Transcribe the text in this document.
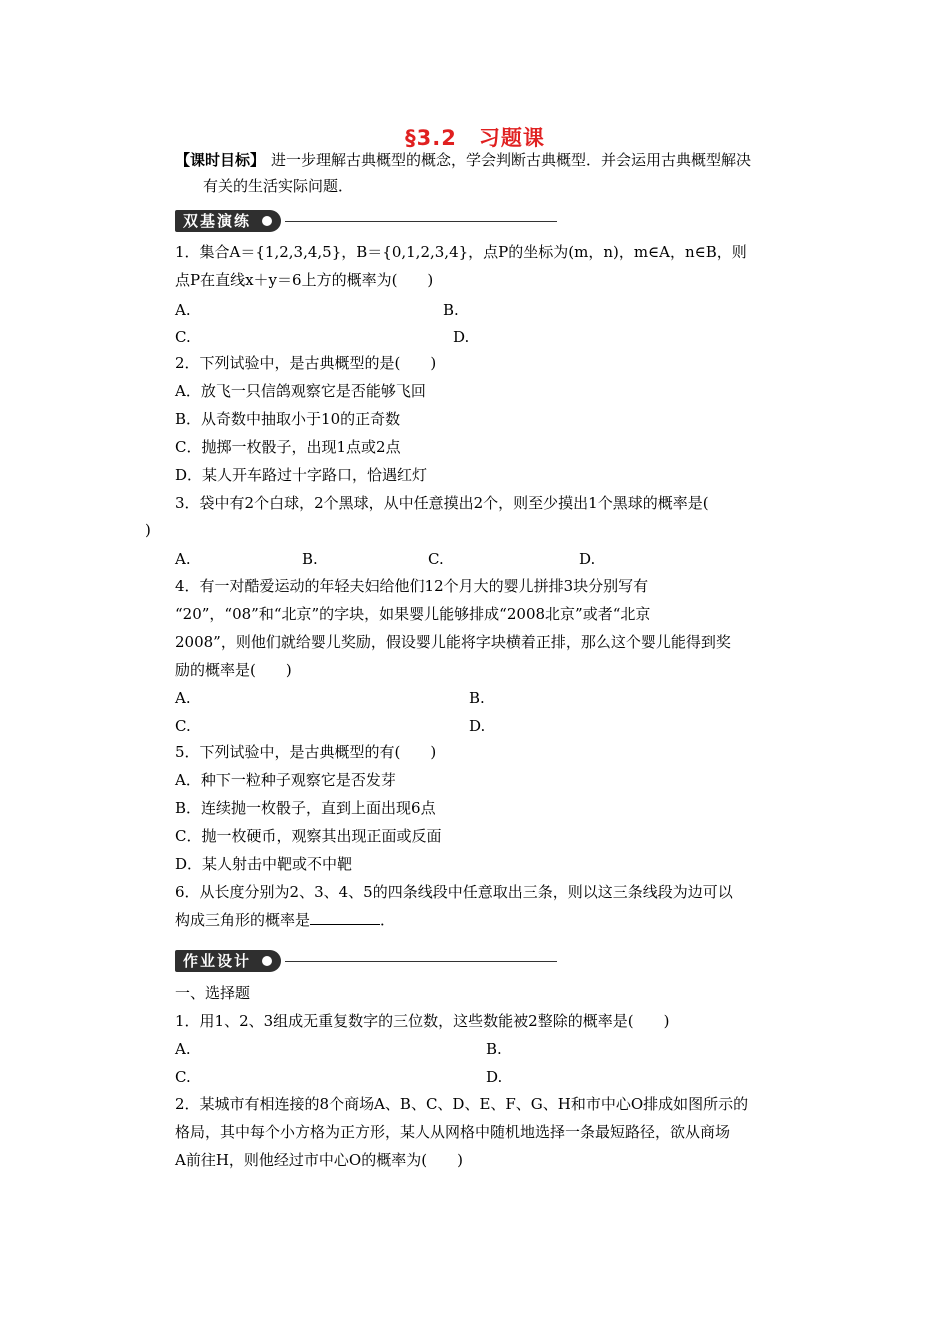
§3.2　习题课
【课时目标】 进一步理解古典概型的概念，学会判断古典概型．并会运用古典概型解决
有关的生活实际问题．
双基演练
1．集合A＝{1,2,3,4,5}，B＝{0,1,2,3,4}，点P的坐标为(m，n)，m∈A，n∈B，则
点P在直线x＋y＝6上方的概率为(　　)
A.	B.
C.	D.
2．下列试验中，是古典概型的是(　　)
A．放飞一只信鸽观察它是否能够飞回
B．从奇数中抽取小于10的正奇数
C．抛掷一枚骰子，出现1点或2点
D．某人开车路过十字路口，恰遇红灯
3．袋中有2个白球，2个黑球，从中任意摸出2个，则至少摸出1个黑球的概率是(
)
A.	B.	C.	D.
4．有一对酷爱运动的年轻夫妇给他们12个月大的婴儿拼排3块分别写有
“20”，“08”和“北京”的字块，如果婴儿能够排成“2008北京”或者“北京
2008”，则他们就给婴儿奖励，假设婴儿能将字块横着正排，那么这个婴儿能得到奖
励的概率是(　　)
A.	B.
C.	D.
5．下列试验中，是古典概型的有(　　)
A．种下一粒种子观察它是否发芽
B．连续抛一枚骰子，直到上面出现6点
C．抛一枚硬币，观察其出现正面或反面
D．某人射击中靶或不中靶
6．从长度分别为2、3、4、5的四条线段中任意取出三条，则以这三条线段为边可以
构成三角形的概率是	．
作业设计
一、选择题
1．用1、2、3组成无重复数字的三位数，这些数能被2整除的概率是(　　)
A.	B.
C.	D.
2．某城市有相连接的8个商场A、B、C、D、E、F、G、H和市中心O排成如图所示的
格局，其中每个小方格为正方形，某人从网格中随机地选择一条最短路径，欲从商场
A前往H，则他经过市中心O的概率为(　　)
